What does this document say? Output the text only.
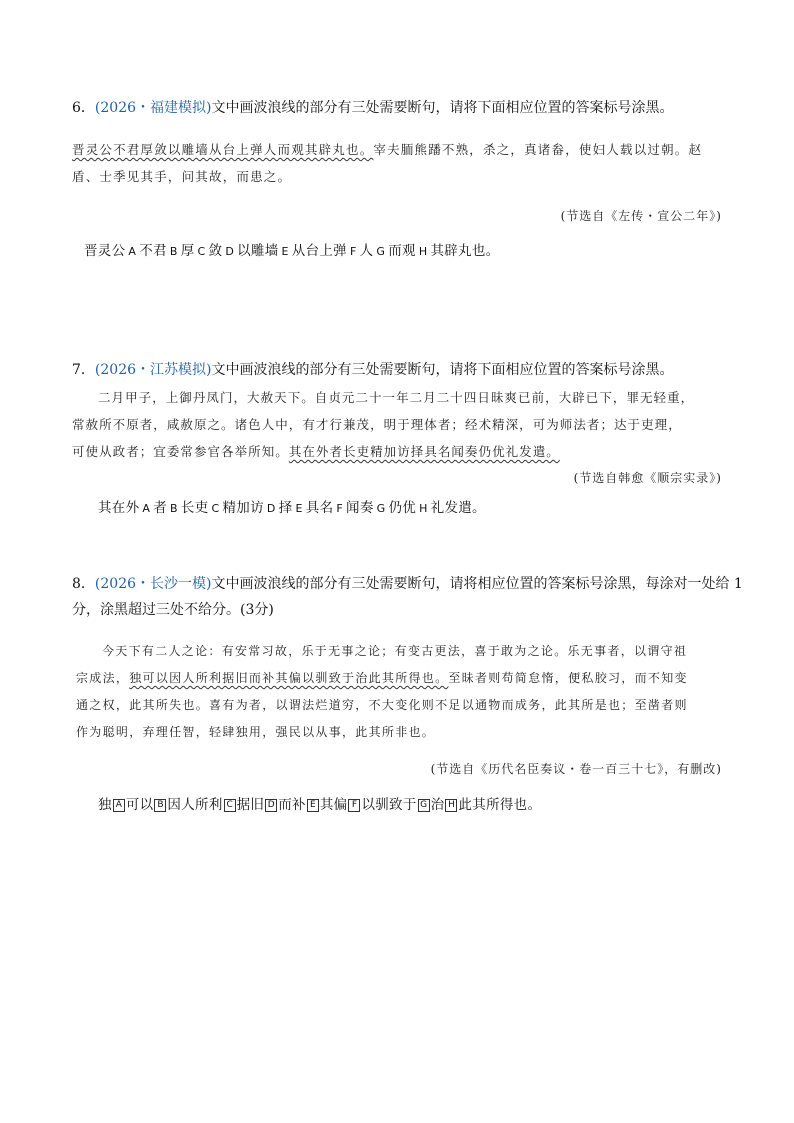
6．(2026・福建模拟)文中画波浪线的部分有三处需要断句，请将下面相应位置的答案标号涂黑。
晋灵公不君厚敛以雕墙从台上弹人而观其辟丸也。宰夫胹熊蹯不熟，杀之，真诸畚，使妇人载以过朝。赵
盾、士季见其手，问其故，而患之。
(节选自《左传・宣公二年》)
晋灵公 A 不君 B 厚 C 敛 D 以雕墙 E 从台上弹 F 人 G 而观 H 其辟丸也。
7．(2026・江苏模拟)文中画波浪线的部分有三处需要断句，请将下面相应位置的答案标号涂黑。
二月甲子，上御丹凤门，大赦天下。自贞元二十一年二月二十四日昧爽已前，大辟已下，罪无轻重，
常赦所不原者，咸赦原之。诸色人中，有才行兼茂，明于理体者；经术精深，可为师法者；达于吏理，
可使从政者；宜委常参官各举所知。其在外者长吏精加访择具名闻奏仍优礼发遣。
(节选自韩愈《顺宗实录》)
其在外 A 者 B 长吏 C 精加访 D 择 E 具名 F 闻奏 G 仍优 H 礼发遣。
8．(2026・长沙一模)文中画波浪线的部分有三处需要断句，请将相应位置的答案标号涂黑，每涂对一处给 1
分，涂黑超过三处不给分。(3分)
今天下有二人之论：有安常习故，乐于无事之论；有变古更法，喜于敢为之论。乐无事者，以谓守祖
宗成法，独可以因人所利据旧而补其偏以驯致于治此其所得也。至昧者则苟简怠惰，便私胶习，而不知变
通之权，此其所失也。喜有为者，以谓法烂道穷，不大变化则不足以通物而成务，此其所是也；至凿者则
作为聪明，弃理任智，轻肆独用，强民以从事，此其所非也。
(节选自《历代名臣奏议・卷一百三十七》，有删改)
独 A 可以 B 因人所利 C 据旧 D 而补 E 其偏 F 以驯致于 G 治 H 此其所得也。
